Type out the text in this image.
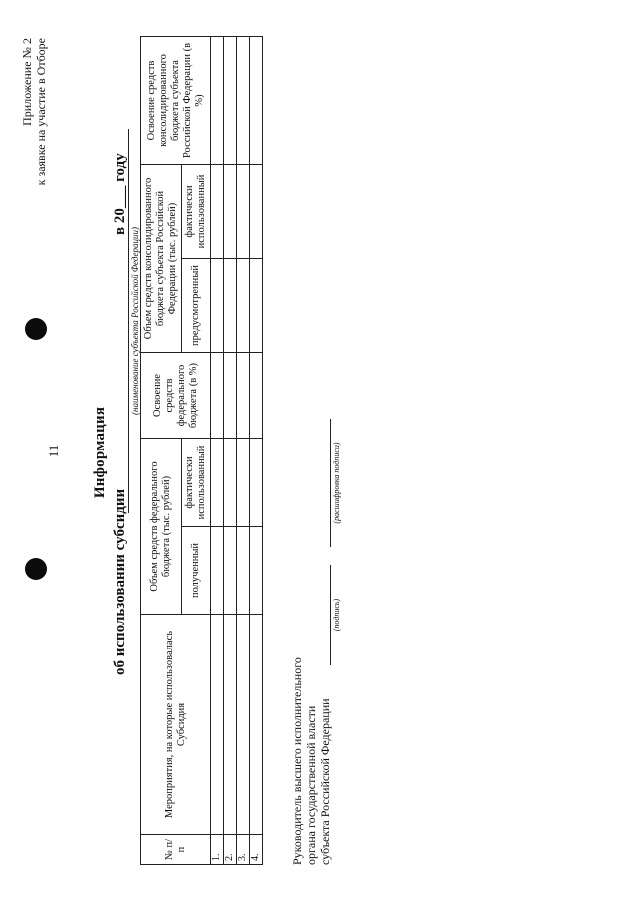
11
Приложение № 2 к заявке на участие в Отборе
Информация
об использовании субсидии
(наименование субъекта Российской Федерации)
в 20___ году
№ п/п	Мероприятия, на которые использовалась Субсидия	Объем средств федерального бюджета (тыс. рублей)		Освоение средств федерального бюджета (в %)	Объем средств консолидированного бюджета субъекта Российской Федерации (тыс. рублей)		Освоение средств консолидированного бюджета субъекта Российской Федерации (в %)
		полученный	фактически использованный		предусмотренный	фактически использованный	
1.							
2.							
3.							
4.							Руководитель высшего исполнительного органа государственной власти субъекта Российской Федерации
(подпись)
(расшифровка подписи)
